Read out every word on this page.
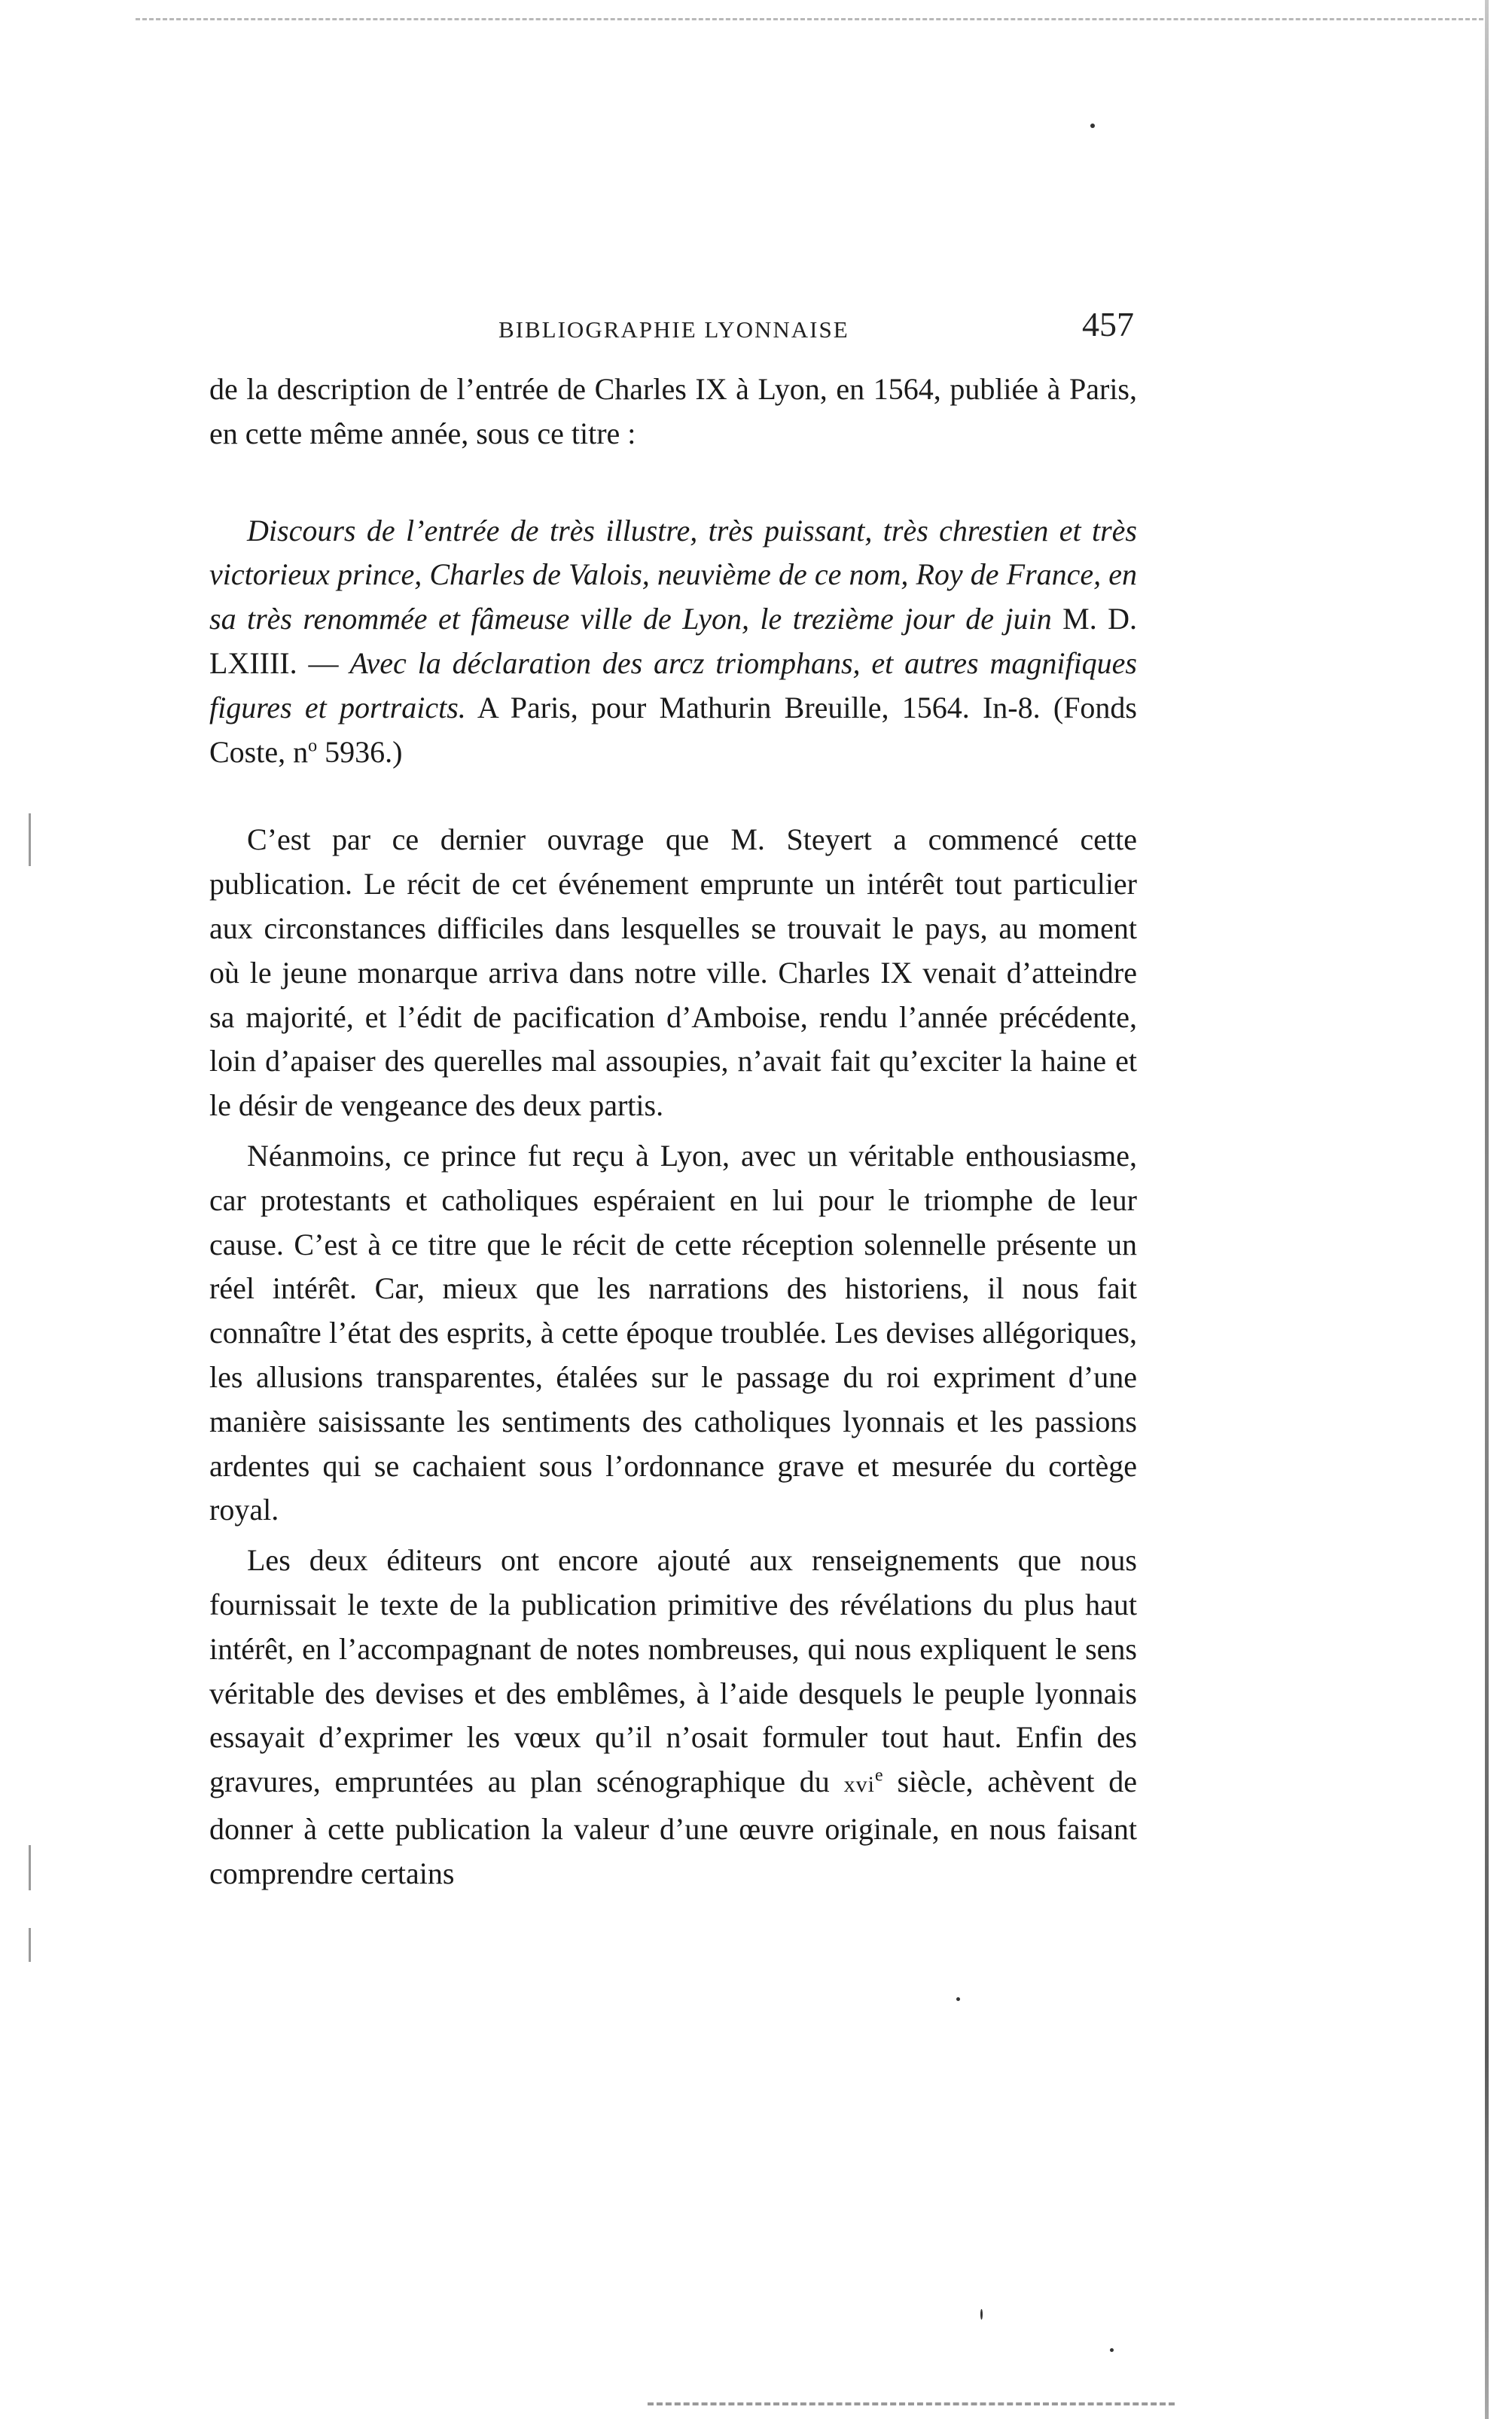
BIBLIOGRAPHIE LYONNAISE	457

de la description de l’entrée de Charles IX à Lyon, en 1564, publiée à Paris, en cette même année, sous ce titre :

Discours de l’entrée de très illustre, très puissant, très chrestien et très victorieux prince, Charles de Valois, neuvième de ce nom, Roy de France, en sa très renommée et fâmeuse ville de Lyon, le trezième jour de juin M. D. LXIIII. — Avec la déclaration des arcz triomphans, et autres magnifiques figures et portraicts. A Paris, pour Mathurin Breuille, 1564. In-8. (Fonds Coste, $n^o$ 5936.)

C’est par ce dernier ouvrage que M. Steyert a commencé cette publication. Le récit de cet événement emprunte un intérêt tout particulier aux circonstances difficiles dans lesquelles se trouvait le pays, au moment où le jeune monarque arriva dans notre ville. Charles IX venait d’atteindre sa majorité, et l’édit de pacification d’Amboise, rendu l’année précédente, loin d’apaiser des querelles mal assoupies, n’avait fait qu’exciter la haine et le désir de vengeance des deux partis.

Néanmoins, ce prince fut reçu à Lyon, avec un véritable enthousiasme, car protestants et catholiques espéraient en lui pour le triomphe de leur cause. C’est à ce titre que le récit de cette réception solennelle présente un réel intérêt. Car, mieux que les narrations des historiens, il nous fait connaître l’état des esprits, à cette époque troublée. Les devises allégoriques, les allusions transparentes, étalées sur le passage du roi expriment d’une manière saisissante les sentiments des catholiques lyonnais et les passions ardentes qui se cachaient sous l’ordonnance grave et mesurée du cortège royal.

Les deux éditeurs ont encore ajouté aux renseignements que nous fournissait le texte de la publication primitive des révélations du plus haut intérêt, en l’accompagnant de notes nombreuses, qui nous expliquent le sens véritable des devises et des emblêmes, à l’aide desquels le peuple lyonnais essayait d’exprimer les vœux qu’il n’osait formuler tout haut. Enfin des gravures, empruntées au plan scénographique du xvi$^e$ siècle, achèvent de donner à cette publication la valeur d’une œuvre originale, en nous faisant comprendre certains
